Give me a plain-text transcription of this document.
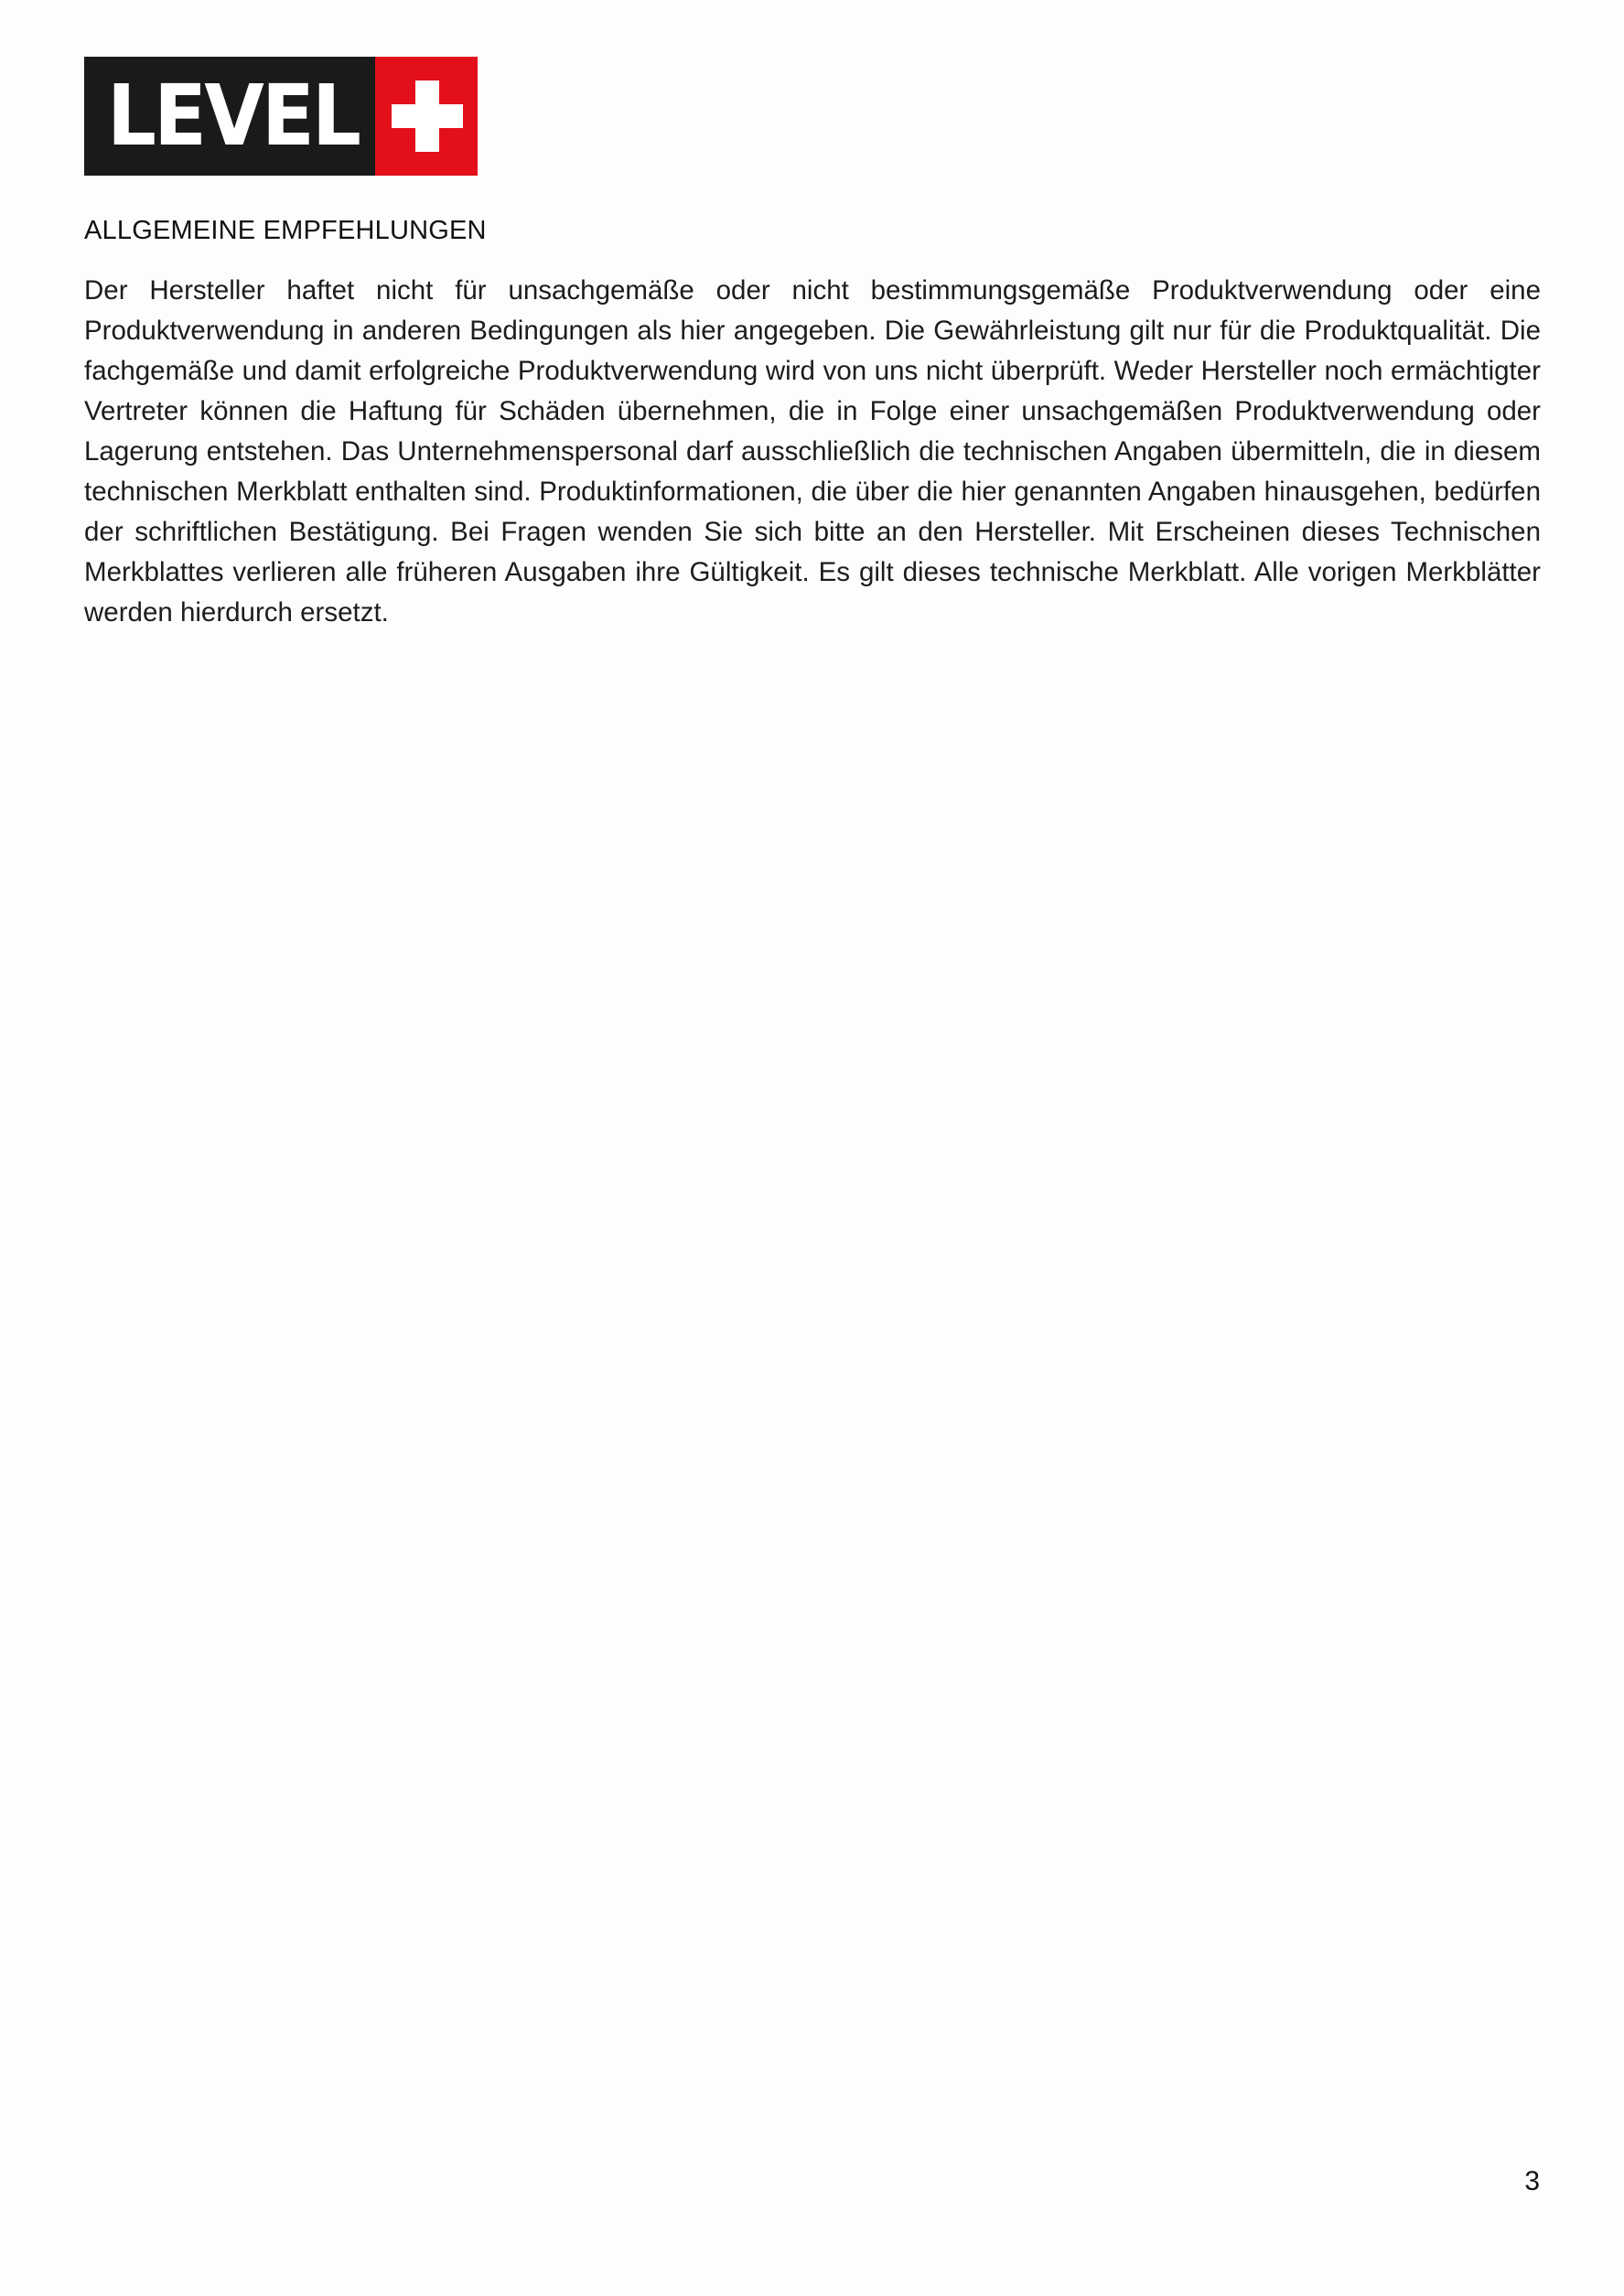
LEVEL
ALLGEMEINE EMPFEHLUNGEN

Der Hersteller haftet nicht für unsachgemäße oder nicht bestimmungsgemäße Produktverwendung oder eine Produktverwendung in anderen Bedingungen als hier angegeben. Die Gewährleistung gilt nur für die Produktqualität. Die fachgemäße und damit erfolgreiche Produktverwendung wird von uns nicht überprüft. Weder Hersteller noch ermächtigter Vertreter können die Haftung für Schäden übernehmen, die in Folge einer unsachgemäßen Produktverwendung oder Lagerung entstehen. Das Unternehmenspersonal darf ausschließlich die technischen Angaben übermitteln, die in diesem technischen Merkblatt enthalten sind. Produktinformationen, die über die hier genannten Angaben hinausgehen, bedürfen der schriftlichen Bestätigung. Bei Fragen wenden Sie sich bitte an den Hersteller. Mit Erscheinen dieses Technischen Merkblattes verlieren alle früheren Ausgaben ihre Gültigkeit. Es gilt dieses technische Merkblatt. Alle vorigen Merkblätter werden hierdurch ersetzt.

3
